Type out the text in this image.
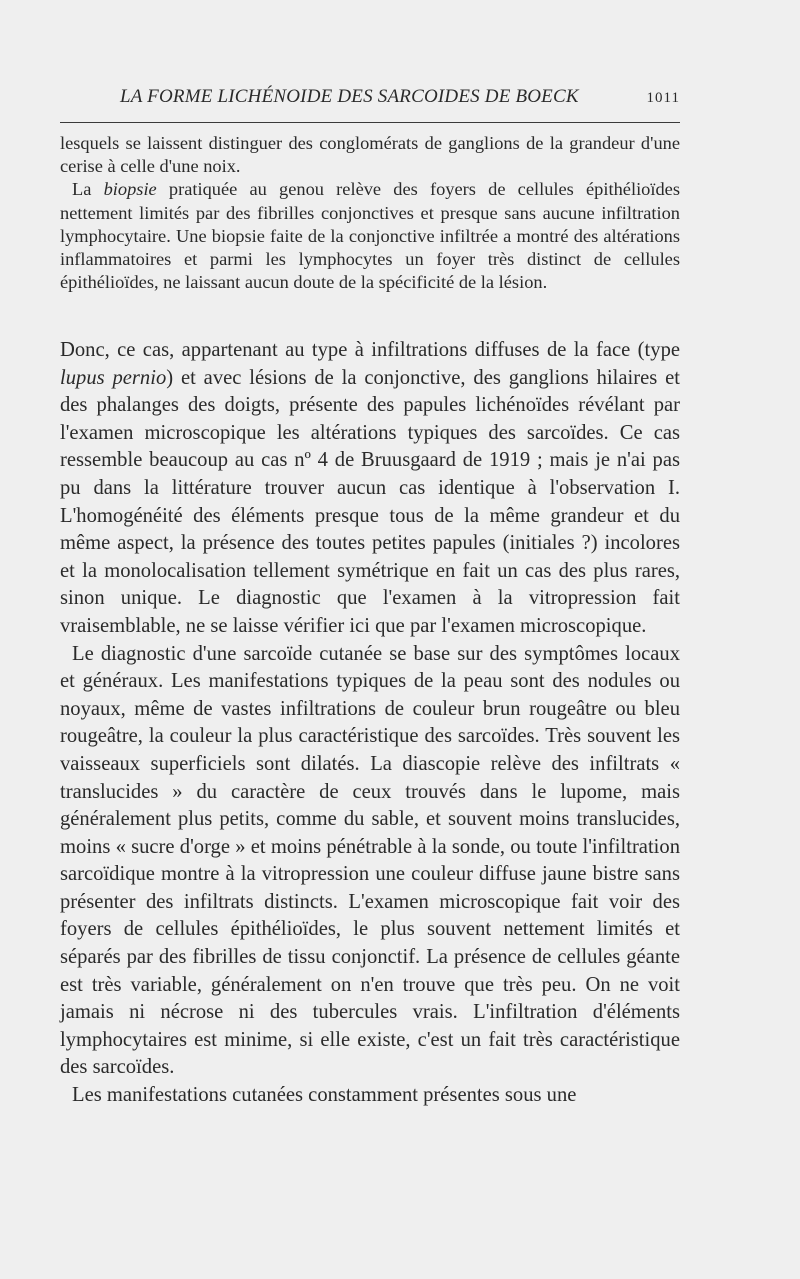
LA FORME LICHÉNOIDE DES SARCOIDES DE BOECK	1011

lesquels se laissent distinguer des conglomérats de ganglions de la grandeur d'une cerise à celle d'une noix.

La biopsie pratiquée au genou relève des foyers de cellules épithélioïdes nettement limités par des fibrilles conjonctives et presque sans aucune infiltration lymphocytaire. Une biopsie faite de la conjonctive infiltrée a montré des altérations inflammatoires et parmi les lymphocytes un foyer très distinct de cellules épithélioïdes, ne laissant aucun doute de la spécificité de la lésion.

Donc, ce cas, appartenant au type à infiltrations diffuses de la face (type lupus pernio) et avec lésions de la conjonctive, des ganglions hilaires et des phalanges des doigts, présente des papules lichénoïdes révélant par l'examen microscopique les altérations typiques des sarcoïdes. Ce cas ressemble beaucoup au cas nº 4 de Bruusgaard de 1919 ; mais je n'ai pas pu dans la littérature trouver aucun cas identique à l'observation I. L'homogénéité des éléments presque tous de la même grandeur et du même aspect, la présence des toutes petites papules (initiales ?) incolores et la monolocalisation tellement symétrique en fait un cas des plus rares, sinon unique. Le diagnostic que l'examen à la vitropression fait vraisemblable, ne se laisse vérifier ici que par l'examen microscopique.

Le diagnostic d'une sarcoïde cutanée se base sur des symptômes locaux et généraux. Les manifestations typiques de la peau sont des nodules ou noyaux, même de vastes infiltrations de couleur brun rougeâtre ou bleu rougeâtre, la couleur la plus caractéristique des sarcoïdes. Très souvent les vaisseaux superficiels sont dilatés. La diascopie relève des infiltrats « translucides » du caractère de ceux trouvés dans le lupome, mais généralement plus petits, comme du sable, et souvent moins translucides, moins « sucre d'orge » et moins pénétrable à la sonde, ou toute l'infiltration sarcoïdique montre à la vitropression une couleur diffuse jaune bistre sans présenter des infiltrats distincts. L'examen microscopique fait voir des foyers de cellules épithélioïdes, le plus souvent nettement limités et séparés par des fibrilles de tissu conjonctif. La présence de cellules géante est très variable, généralement on n'en trouve que très peu. On ne voit jamais ni nécrose ni des tubercules vrais. L'infiltration d'éléments lymphocytaires est minime, si elle existe, c'est un fait très caractéristique des sarcoïdes.

Les manifestations cutanées constamment présentes sous une
